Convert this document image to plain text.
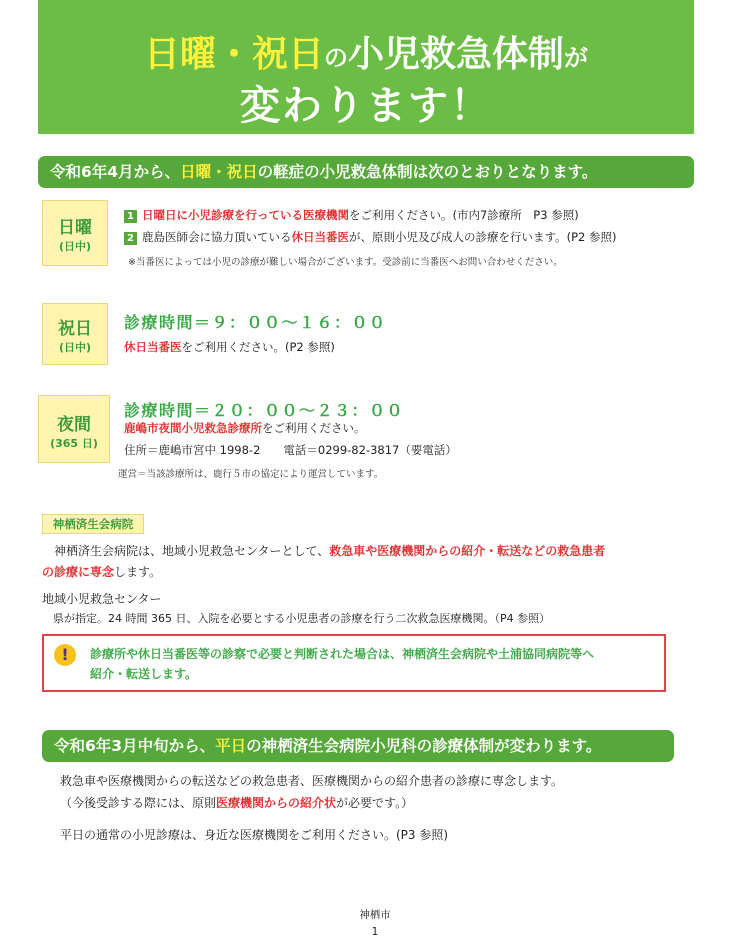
日曜・祝日の小児救急体制が
変わります！
令和6年4月から、日曜・祝日の軽症の小児救急体制は次のとおりとなります。
日曜
(日中)
1 日曜日に小児診療を行っている医療機関をご利用ください。(市内7診療所　P3 参照)
2 鹿島医師会に協力頂いている休日当番医が、原則小児及び成人の診療を行います。(P2 参照)
※当番医によっては小児の診療が難しい場合がございます。受診前に当番医へお問い合わせください。
祝日
(日中)
診療時間＝９：００～１６：００
休日当番医をご利用ください。(P2 参照)
夜間
(365 日)
診療時間＝２０：００～２３：００
鹿嶋市夜間小児救急診療所をご利用ください。
住所＝鹿嶋市宮中 1998-2　　電話＝0299-82-3817（要電話）
運営＝当該診療所は、鹿行５市の協定により運営しています。
神栖済生会病院
　神栖済生会病院は、地域小児救急センターとして、救急車や医療機関からの紹介・転送などの救急患者
の診療に専念します。
地域小児救急センター
　県が指定。24 時間 365 日、入院を必要とする小児患者の診療を行う二次救急医療機関。（P4 参照）
!	診療所や休日当番医等の診察で必要と判断された場合は、神栖済生会病院や土浦協同病院等へ
紹介・転送します。
令和6年3月中旬から、平日の神栖済生会病院小児科の診療体制が変わります。
救急車や医療機関からの転送などの救急患者、医療機関からの紹介患者の診療に専念します。
（今後受診する際には、原則医療機関からの紹介状が必要です。）
平日の通常の小児診療は、身近な医療機関をご利用ください。(P3 参照)
神栖市
1
